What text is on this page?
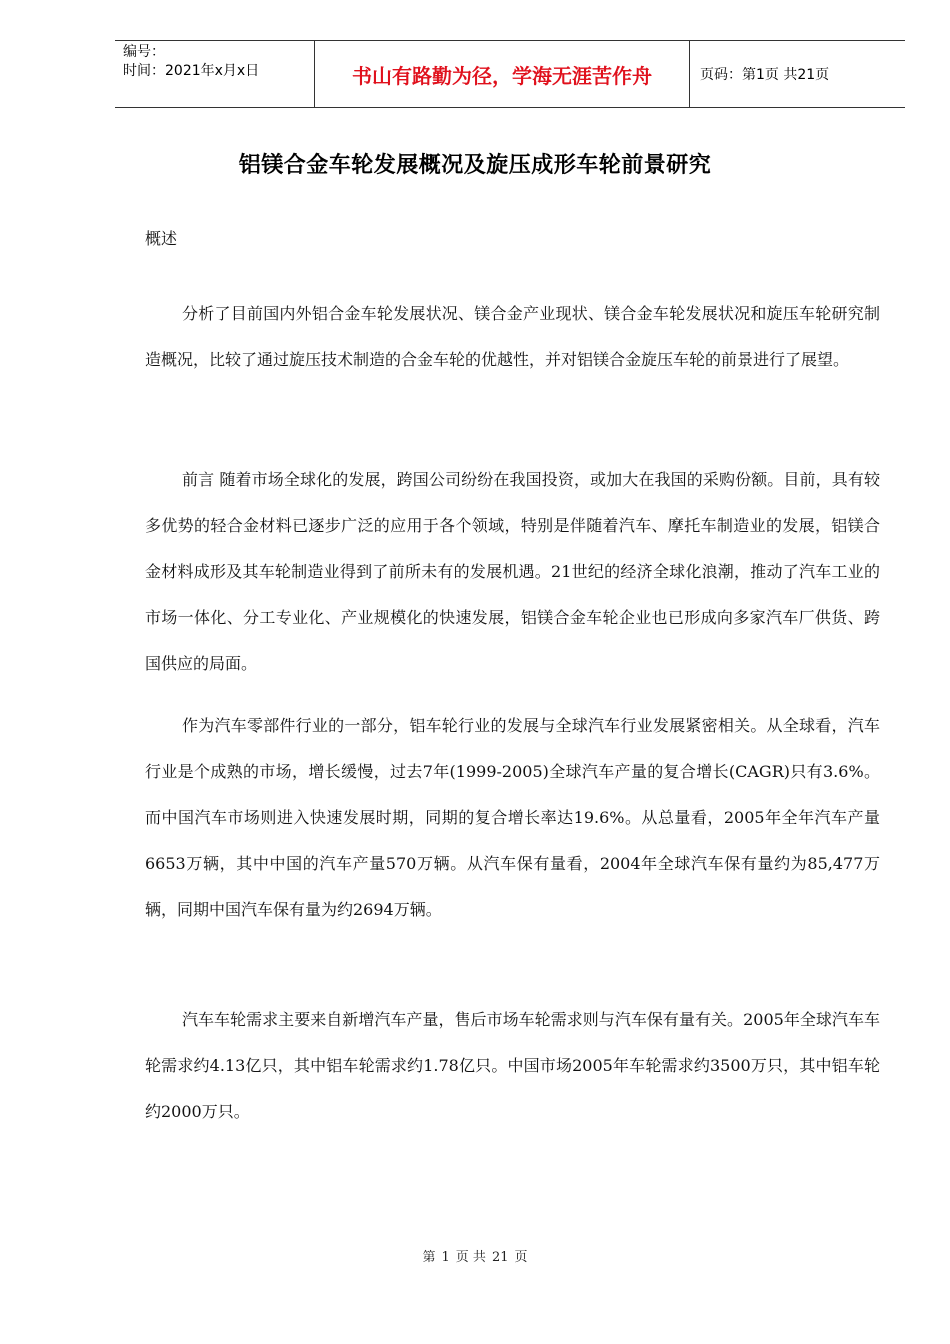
编号：
时间：2021年x月x日	书山有路勤为径，学海无涯苦作舟	页码：第1页 共21页
铝镁合金车轮发展概况及旋压成形车轮前景研究
概述

分析了目前国内外铝合金车轮发展状况、镁合金产业现状、镁合金车轮发展状况和旋压车轮研究制造概况，比较了通过旋压技术制造的合金车轮的优越性，并对铝镁合金旋压车轮的前景进行了展望。

前言 随着市场全球化的发展，跨国公司纷纷在我国投资，或加大在我国的采购份额。目前，具有较多优势的轻合金材料已逐步广泛的应用于各个领域，特别是伴随着汽车、摩托车制造业的发展，铝镁合金材料成形及其车轮制造业得到了前所未有的发展机遇。21世纪的经济全球化浪潮，推动了汽车工业的市场一体化、分工专业化、产业规模化的快速发展，铝镁合金车轮企业也已形成向多家汽车厂供货、跨国供应的局面。

作为汽车零部件行业的一部分，铝车轮行业的发展与全球汽车行业发展紧密相关。从全球看，汽车行业是个成熟的市场，增长缓慢，过去7年(1999-2005)全球汽车产量的复合增长(CAGR)只有3.6%。而中国汽车市场则进入快速发展时期，同期的复合增长率达19.6%。从总量看，2005年全年汽车产量6653万辆，其中中国的汽车产量570万辆。从汽车保有量看，2004年全球汽车保有量约为85,477万辆，同期中国汽车保有量为约2694万辆。

汽车车轮需求主要来自新增汽车产量，售后市场车轮需求则与汽车保有量有关。2005年全球汽车车轮需求约4.13亿只，其中铝车轮需求约1.78亿只。中国市场2005年车轮需求约3500万只，其中铝车轮约2000万只。

第 1 页 共 21 页
